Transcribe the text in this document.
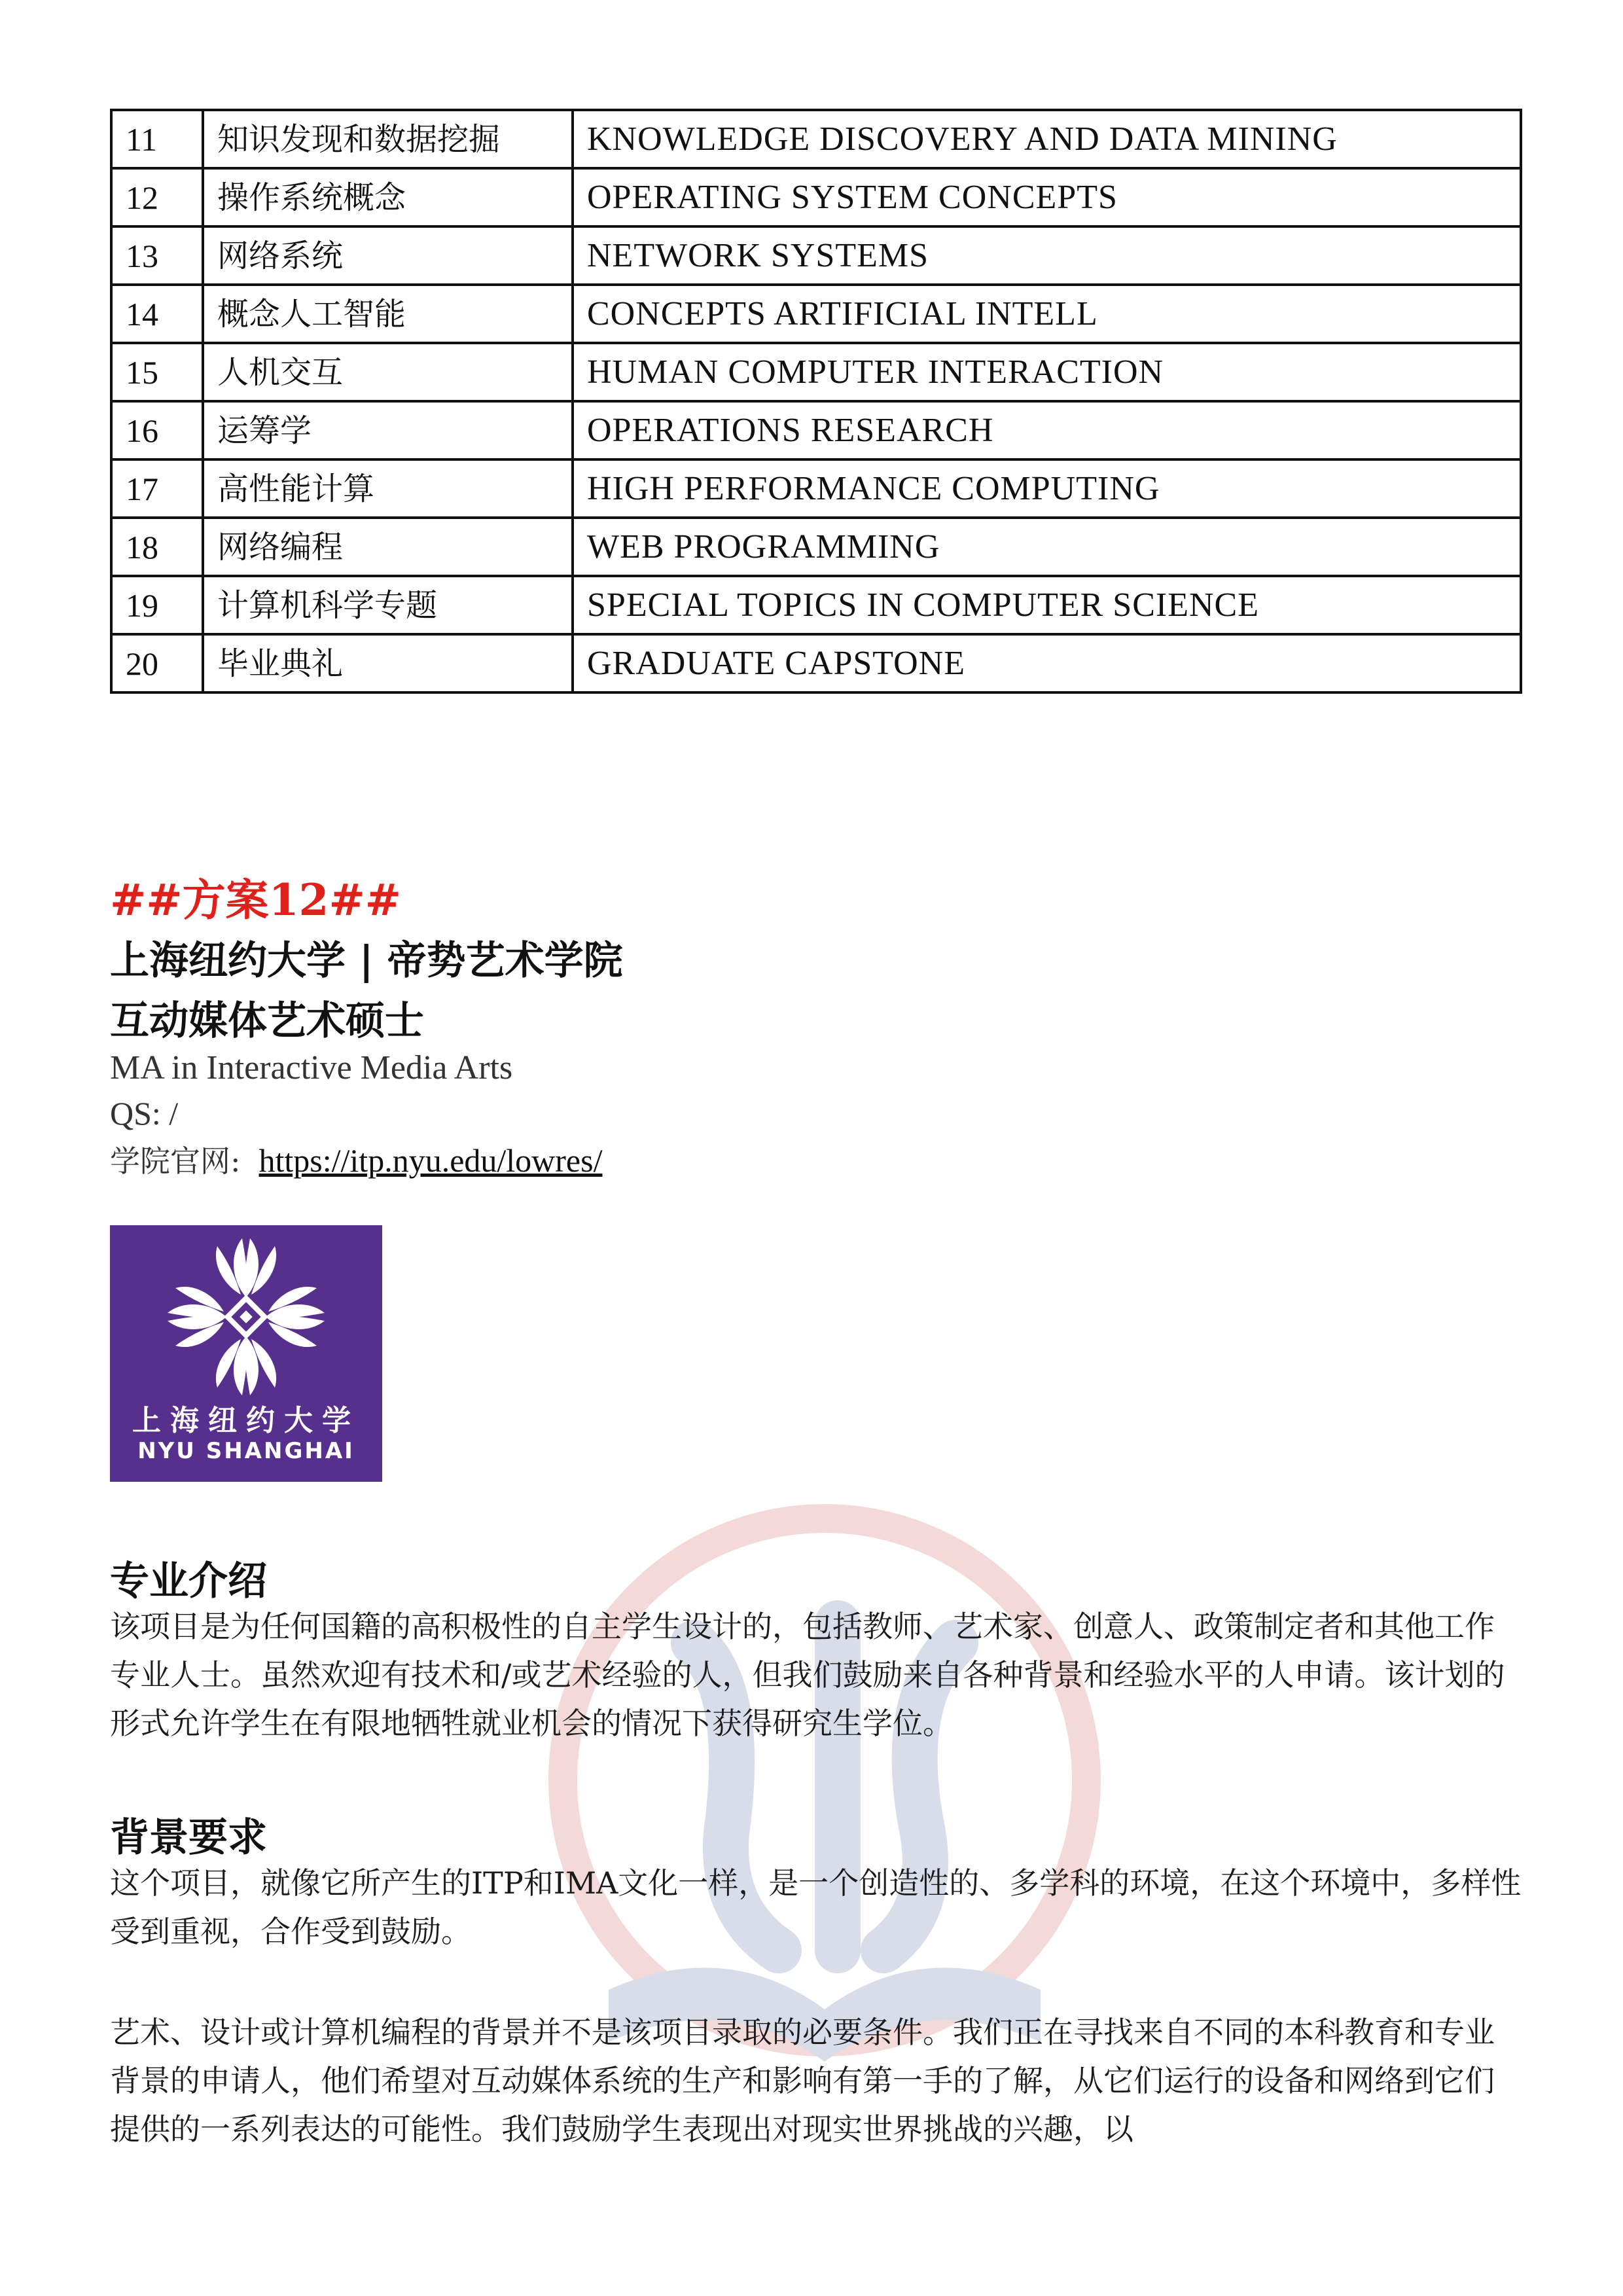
11	知识发现和数据挖掘	KNOWLEDGE DISCOVERY AND DATA MINING
12	操作系统概念	OPERATING SYSTEM CONCEPTS
13	网络系统	NETWORK SYSTEMS
14	概念人工智能	CONCEPTS ARTIFICIAL INTELL
15	人机交互	HUMAN COMPUTER INTERACTION
16	运筹学	OPERATIONS RESEARCH
17	高性能计算	HIGH PERFORMANCE COMPUTING
18	网络编程	WEB PROGRAMMING
19	计算机科学专题	SPECIAL TOPICS IN COMPUTER SCIENCE
20	毕业典礼	GRADUATE CAPSTONE
##方案12##
上海纽约大学 | 帝势艺术学院
互动媒体艺术硕士
MA in Interactive Media Arts
QS: /
学院官网: https://itp.nyu.edu/lowres/
上海纽约大学
NYU SHANGHAI
专业介绍
该项目是为任何国籍的高积极性的自主学生设计的，包括教师、艺术家、创意人、政策制定者和其他工作专业人士。虽然欢迎有技术和/或艺术经验的人，但我们鼓励来自各种背景和经验水平的人申请。该计划的形式允许学生在有限地牺牲就业机会的情况下获得研究生学位。
背景要求
这个项目，就像它所产生的ITP和IMA文化一样，是一个创造性的、多学科的环境，在这个环境中，多样性受到重视，合作受到鼓励。
艺术、设计或计算机编程的背景并不是该项目录取的必要条件。我们正在寻找来自不同的本科教育和专业背景的申请人，他们希望对互动媒体系统的生产和影响有第一手的了解，从它们运行的设备和网络到它们提供的一系列表达的可能性。我们鼓励学生表现出对现实世界挑战的兴趣，以
